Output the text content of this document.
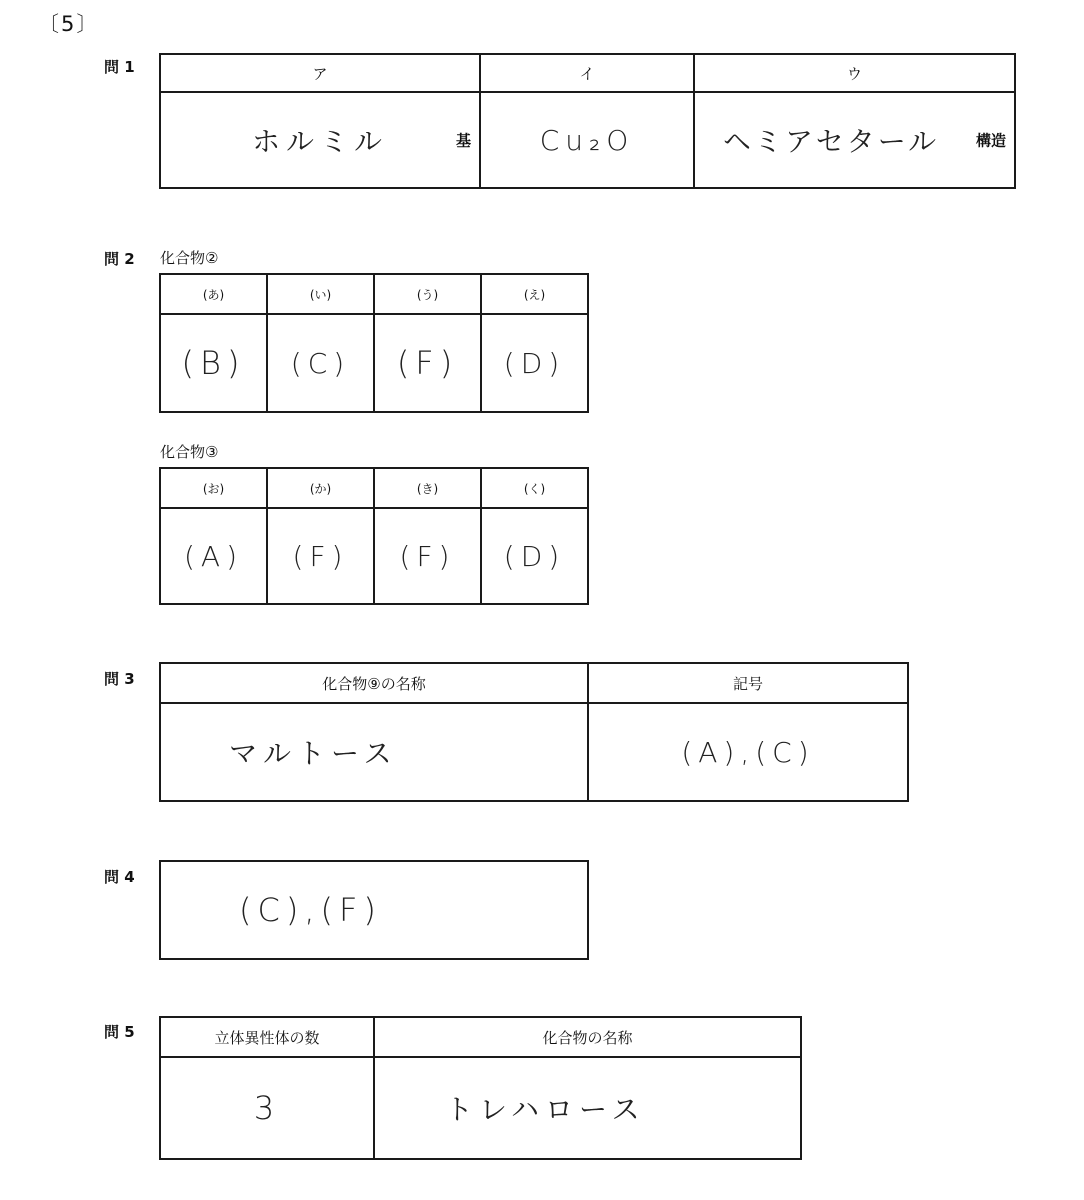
〔5〕
問 1	ア	イ	ウ
ホルミル 基	Cu₂O	ヘミアセタール 構造
問 2 化合物②
(あ)	(い)	(う)	(え)
(B)	(C)	(F)	(D)
化合物③
(お)	(か)	(き)	(く)
(A)	(F)	(F)	(D)
問 3	化合物⑨の名称	記号
マルトース	(A),(C)
問 4
(C),(F)
問 5	立体異性体の数	化合物の名称
3	トレハロース
